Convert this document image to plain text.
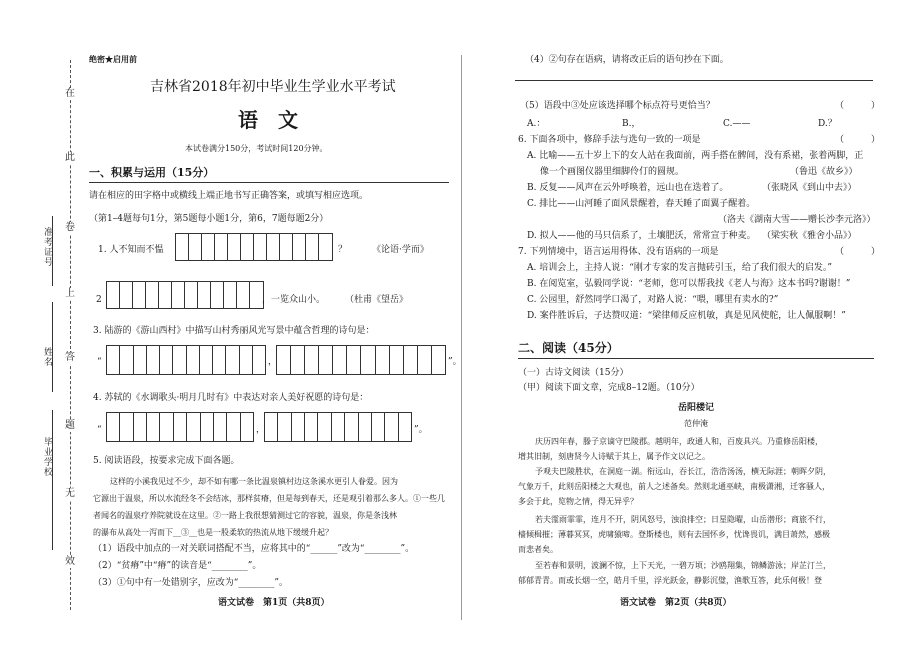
在
此
卷
上
答
题
无
效
准考证号
姓名
毕业学校
绝密★启用前
吉林省2018年初中毕业生学业水平考试
语　文
本试卷满分150分，考试时间120分钟。
一、积累与运用（15分）
请在相应的田字格中或横线上端正地书写正确答案，或填写相应选项。
（第1–4题每句1分，第5题每小题1分，第6，7题每题2分）
1. 人不知而不愠	？	《论语·学而》
2	，一览众山小。 （杜甫《望岳》
3. 陆游的《游山西村》中描写山村秀丽风光写景中蕴含哲理的诗句是：
“	，	”。
4. 苏轼的《水调歌头·明月几时有》中表达对亲人美好祝愿的诗句是：
“	，	”。
5. 阅读语段，按要求完成下面各题。
这样的小溪我见过不少，却不如有哪一条比温泉镇村边这条溪水更引人眷爱。因为
它源出于温泉，所以水流经冬不会结冰，那样贫瘠，但是每到春天，还是观引着那么多人。①一些几
者闻名的温泉疗养院就设在这里。②一路上我很想猜测过它的容貌，温泉，你是条浅林
的瀑布从高处一泻而下__③__也是一股柔软的热流从地下缓缓升起？
（1）语段中加点的一对关联词搭配不当，应将其中的“______”改为“________”。
（2）“贫瘠”中“瘠”的读音是“________”。
（3）①句中有一处错别字，应改为“________”。
语文试卷　第1页（共8页）
（4）②句存在语病，请将改正后的语句抄在下面。
（5）语段中③处应该选择哪个标点符号更恰当？	（　　　）
A.：	B.，	C.——	D.？
6. 下面各项中，修辞手法与选句一致的一项是	（　　　）
A. 比喻——五十岁上下的女人站在我面前，两手搭在髀间，没有系裙，张着两脚，正
像一个画图仪器里细脚伶仃的圆规。	（鲁迅《故乡》）
B. 反复——风声在云外呼唤着，远山也在迭着了。	（张晓风《到山中去》）
C. 排比——山河睡了面风景醒着，春天睡了面翼子醒着。
（洛夫《湖南大雪——赠长沙李元洛》）
D. 拟人——他的马只信系了，土壤肥沃，常常宣于种麦。 （梁实秋《雅舍小品》）
7. 下列情境中，语言运用得体、没有语病的一项是	（　　　）
A. 培训会上，主持人说：“刚才专家的发言抛砖引玉，给了我们很大的启发。”
B. 在阅览室，弘毅同学说：“老师，您可以帮我找《老人与海》这本书吗?谢谢！”
C. 公园里，舒然同学口渴了，对路人说：“喂，哪里有卖水的?”
D. 案件胜诉后，子达赞叹道：“梁律师反应机敏，真是见风使舵，让人佩服啊！”
二、阅读（45分）
（一）古诗文阅读（15分）
（甲）阅读下面文章，完成8–12题。（10分）
岳阳楼记
范仲淹
庆历四年春，滕子京谪守巴陵郡。越明年，政通人和，百废具兴。乃重修岳阳楼，
增其旧制，刻唐贤今人诗赋于其上，属予作文以记之。
予观夫巴陵胜状，在洞庭一湖。衔远山，吞长江，浩浩汤汤，横无际涯；朝晖夕阴，
气象万千，此则岳阳楼之大观也，前人之述备矣。然则北通巫峡，南极潇湘，迁客骚人，
多会于此，览物之情，得无异乎？
若夫霪雨霏霏，连月不开，阴风怒号，浊浪排空；日星隐曜，山岳潜形；商旅不行，
樯倾楫摧；薄暮冥冥，虎啸猿啼。登斯楼也，则有去国怀乡，忧谗畏讥，满目萧然，感极
而悲者矣。
至若春和景明，波澜不惊，上下天光，一碧万顷；沙鸥翔集，锦鳞游泳；岸芷汀兰，
郁郁青青。而或长烟一空，皓月千里，浮光跃金，静影沉璧，渔歌互答，此乐何极！登
语文试卷　第2页（共8页）
